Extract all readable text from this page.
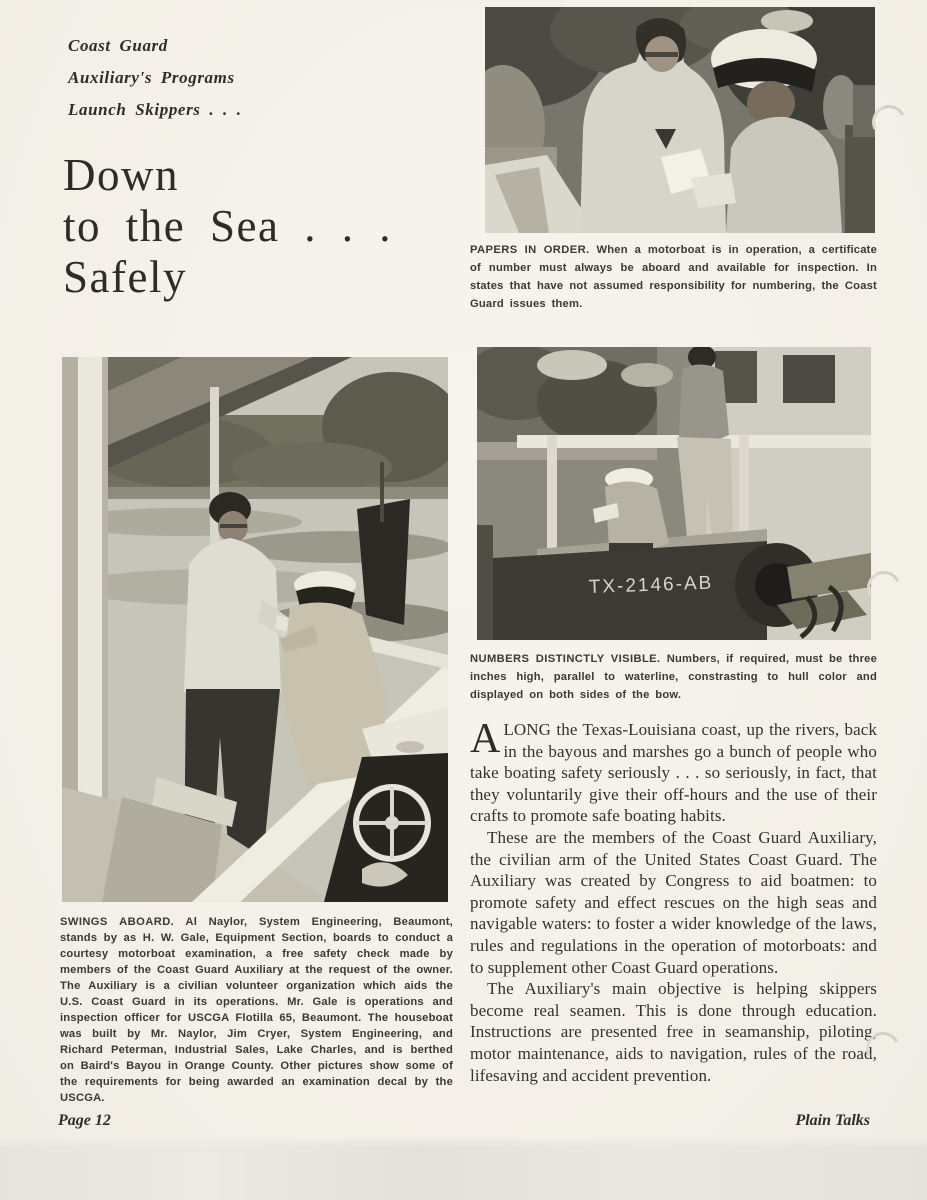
Coast Guard
Auxiliary's Programs
Launch Skippers . . .
Down
to the Sea . . .
Safely

PAPERS IN ORDER. When a motorboat is in operation, a certificate of number must always be aboard and available for inspection. In states that have not assumed responsibility for numbering, the Coast Guard issues them.

TX-2146-AB

NUMBERS DISTINCTLY VISIBLE. Numbers, if required, must be three inches high, parallel to waterline, constrasting to hull color and displayed on both sides of the bow.

SWINGS ABOARD. Al Naylor, System Engineering, Beaumont, stands by as H. W. Gale, Equipment Section, boards to conduct a courtesy motorboat examination, a free safety check made by members of the Coast Guard Auxiliary at the request of the owner. The Auxiliary is a civilian volunteer organization which aids the U.S. Coast Guard in its operations. Mr. Gale is operations and inspection officer for USCGA Flotilla 65, Beaumont. The houseboat was built by Mr. Naylor, Jim Cryer, System Engineering, and Richard Peterman, Industrial Sales, Lake Charles, and is berthed on Baird's Bayou in Orange County. Other pictures show some of the requirements for being awarded an examination decal by the USCGA.

ALONG the Texas-Louisiana coast, up the rivers, back in the bayous and marshes go a bunch of people who take boating safety seriously . . . so seriously, in fact, that they voluntarily give their off-hours and the use of their crafts to promote safe boating habits.

These are the members of the Coast Guard Auxiliary, the civilian arm of the United States Coast Guard. The Auxiliary was created by Congress to aid boatmen: to promote safety and effect rescues on the high seas and navigable waters: to foster a wider knowledge of the laws, rules and regulations in the operation of motorboats: and to supplement other Coast Guard operations.

The Auxiliary's main objective is helping skippers become real seamen. This is done through education. Instructions are presented free in seamanship, piloting, motor maintenance, aids to navigation, rules of the road, lifesaving and accident prevention.

Page 12	Plain Talks
